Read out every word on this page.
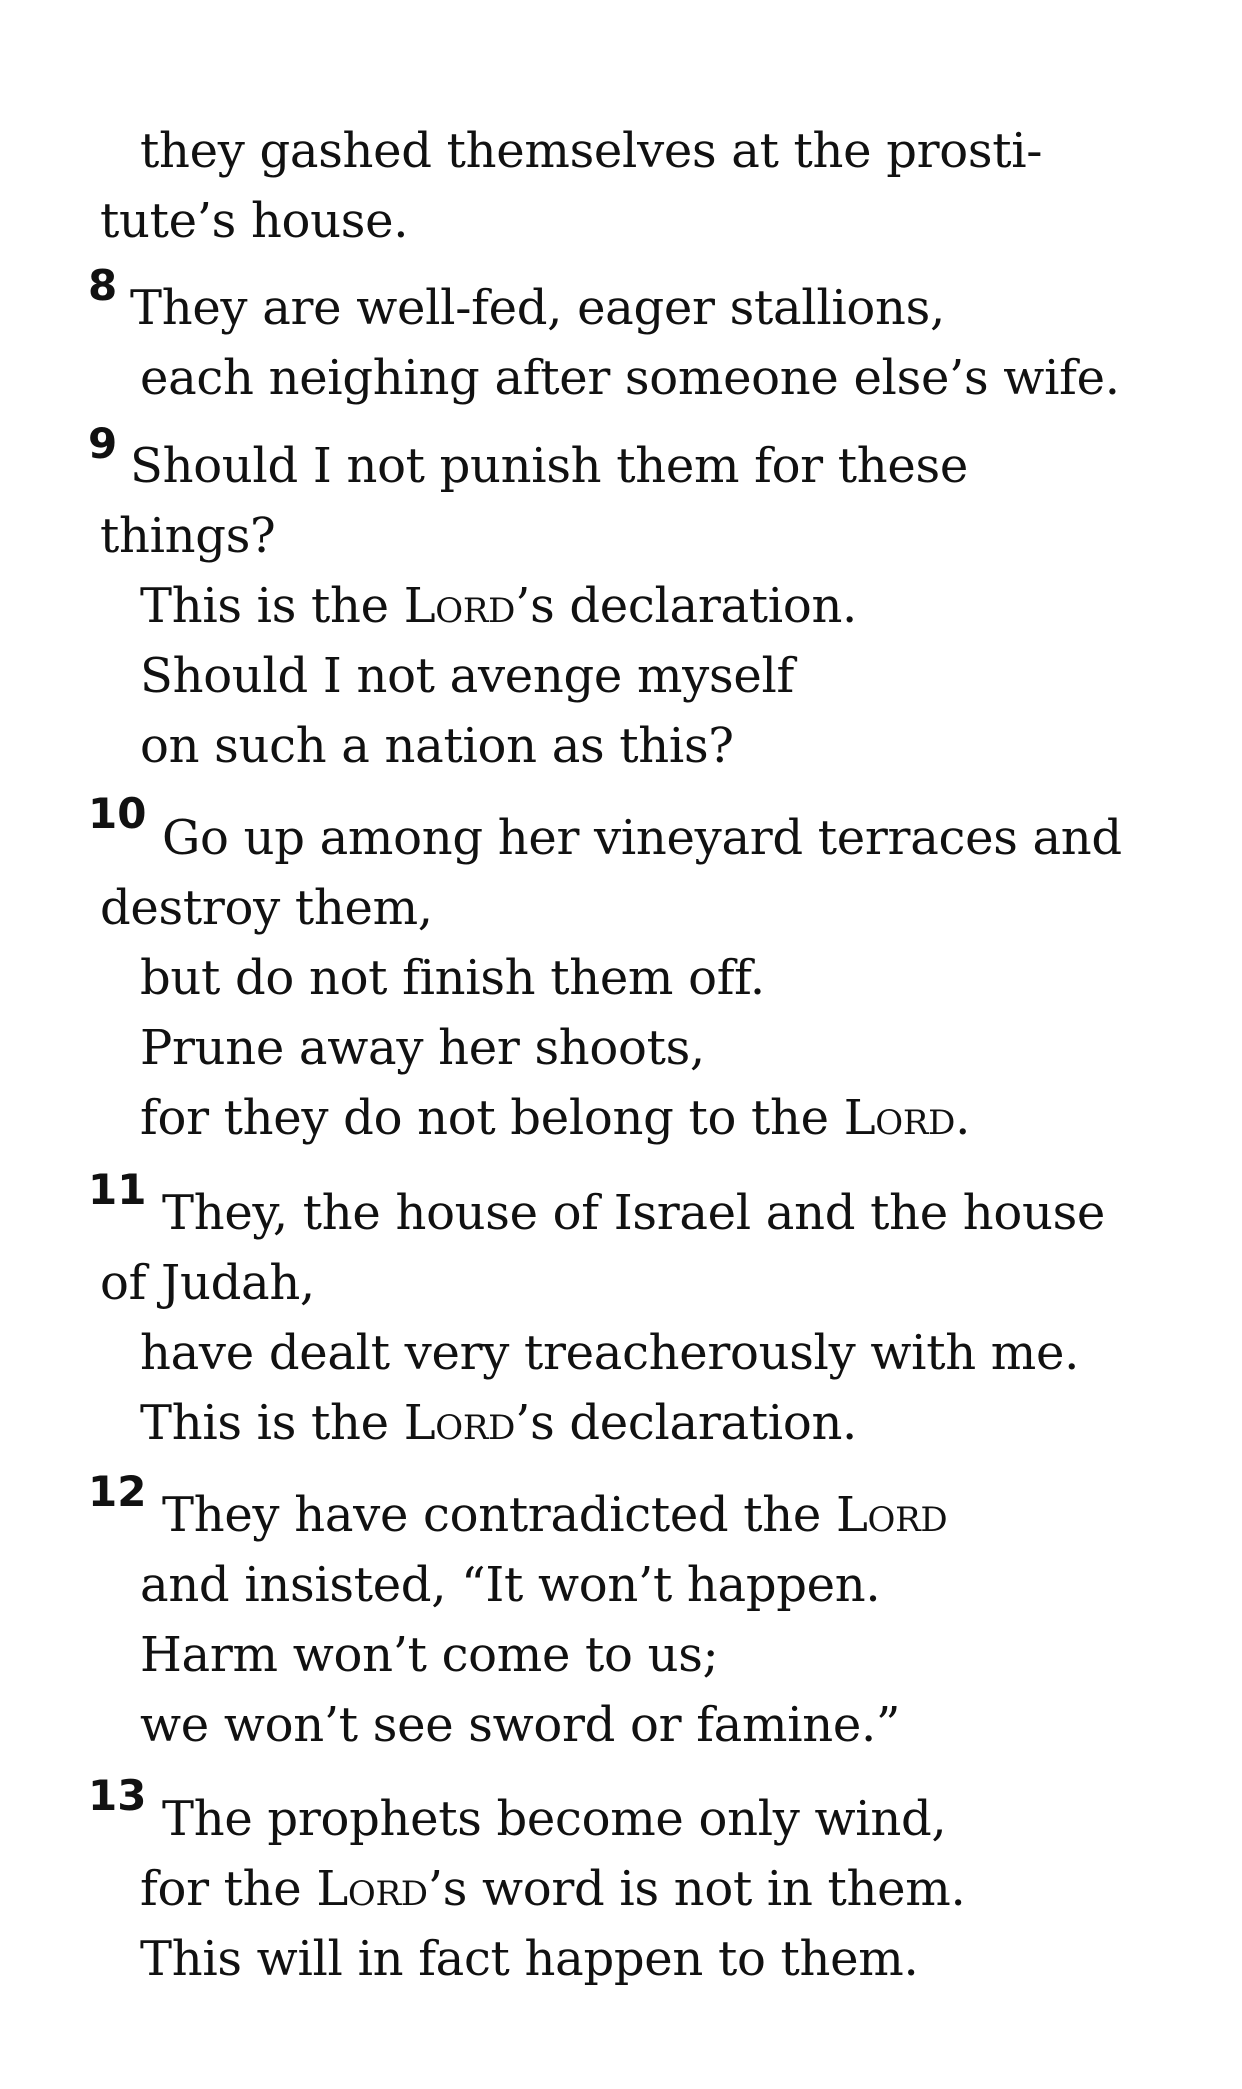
they gashed themselves at the prosti-
tute’s house.
8 They are well-fed, eager stallions,
each neighing after someone else’s wife.
9 Should I not punish them for these
things?
This is the Lord’s declaration.
Should I not avenge myself
on such a nation as this?
10 Go up among her vineyard terraces and
destroy them,
but do not finish them off.
Prune away her shoots,
for they do not belong to the Lord.
11 They, the house of Israel and the house
of Judah,
have dealt very treacherously with me.
This is the Lord’s declaration.
12 They have contradicted the Lord
and insisted, “It won’t happen.
Harm won’t come to us;
we won’t see sword or famine.”
13 The prophets become only wind,
for the Lord’s word is not in them.
This will in fact happen to them.
